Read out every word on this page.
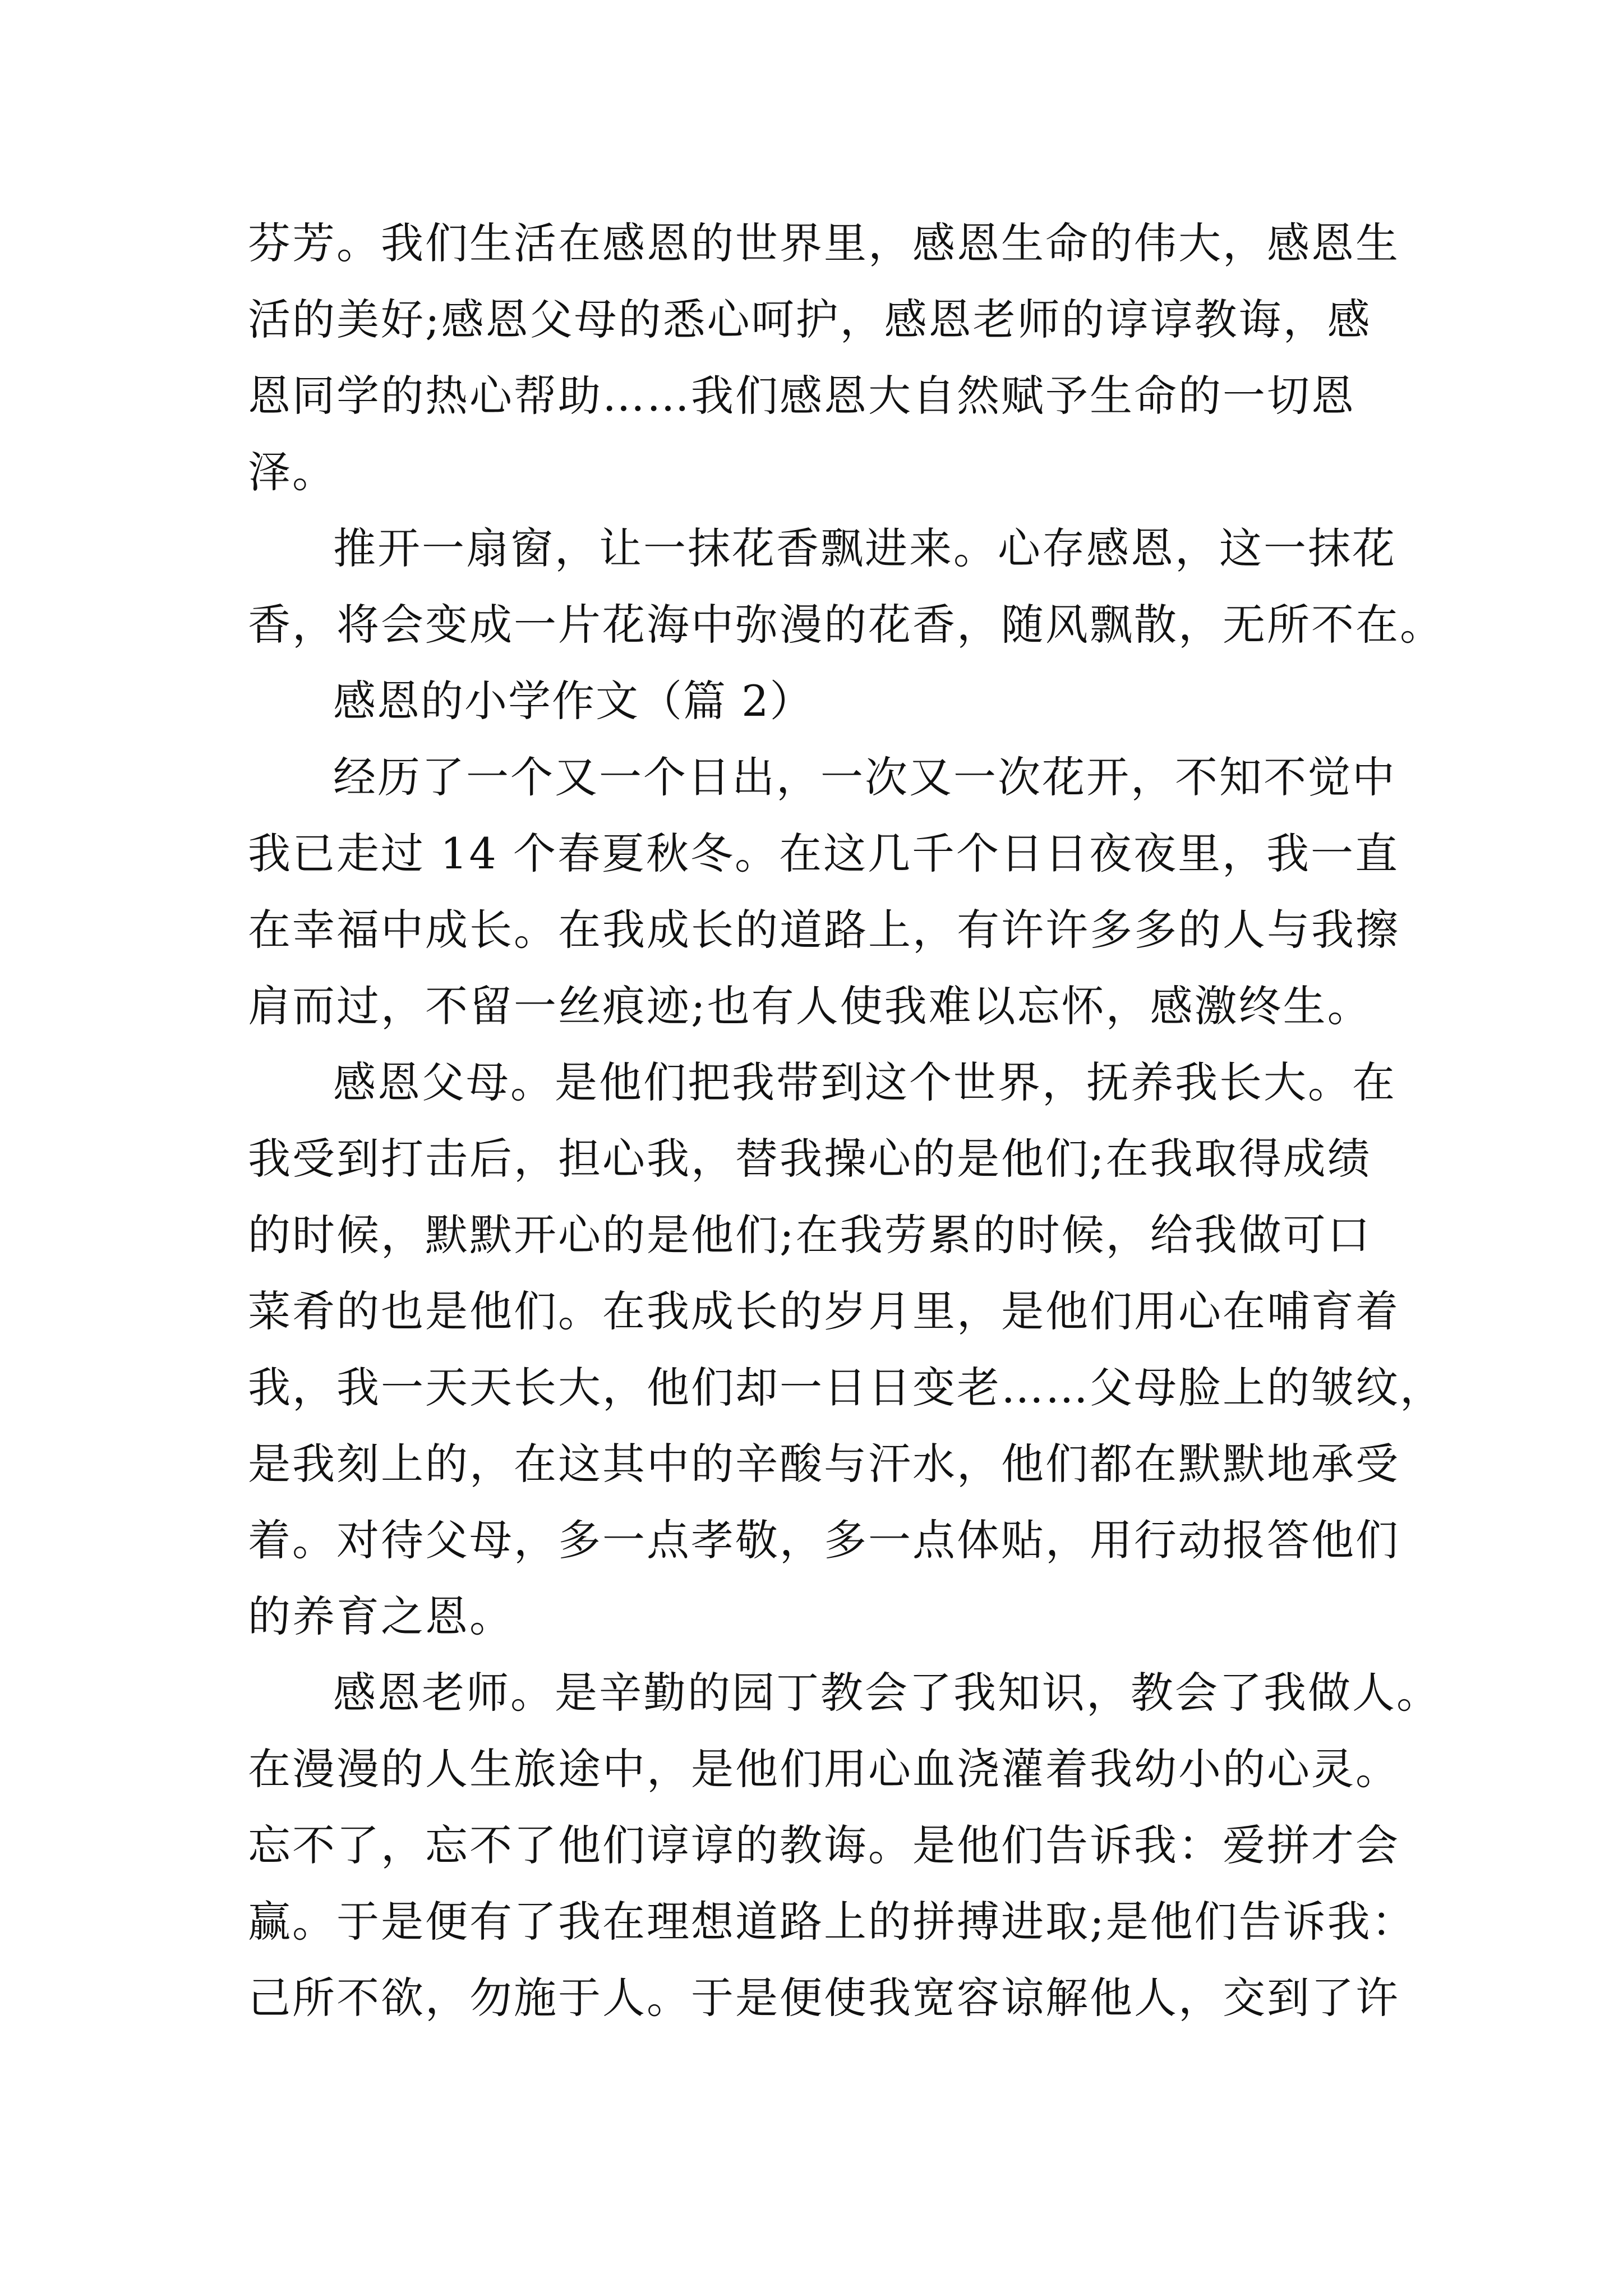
芬芳。我们生活在感恩的世界里，感恩生命的伟大，感恩生
活的美好;感恩父母的悉心呵护，感恩老师的谆谆教诲，感
恩同学的热心帮助……我们感恩大自然赋予生命的一切恩
泽。
推开一扇窗，让一抹花香飘进来。心存感恩，这一抹花
香，将会变成一片花海中弥漫的花香，随风飘散，无所不在。
感恩的小学作文（篇 2）
经历了一个又一个日出，一次又一次花开，不知不觉中
我已走过 14 个春夏秋冬。在这几千个日日夜夜里，我一直
在幸福中成长。在我成长的道路上，有许许多多的人与我擦
肩而过，不留一丝痕迹;也有人使我难以忘怀，感激终生。
感恩父母。是他们把我带到这个世界，抚养我长大。在
我受到打击后，担心我，替我操心的是他们;在我取得成绩
的时候，默默开心的是他们;在我劳累的时候，给我做可口
菜肴的也是他们。在我成长的岁月里，是他们用心在哺育着
我，我一天天长大，他们却一日日变老……父母脸上的皱纹，
是我刻上的，在这其中的辛酸与汗水，他们都在默默地承受
着。对待父母，多一点孝敬，多一点体贴，用行动报答他们
的养育之恩。
感恩老师。是辛勤的园丁教会了我知识，教会了我做人。
在漫漫的人生旅途中，是他们用心血浇灌着我幼小的心灵。
忘不了，忘不了他们谆谆的教诲。是他们告诉我：爱拼才会
赢。于是便有了我在理想道路上的拼搏进取;是他们告诉我：
己所不欲，勿施于人。于是便使我宽容谅解他人，交到了许
